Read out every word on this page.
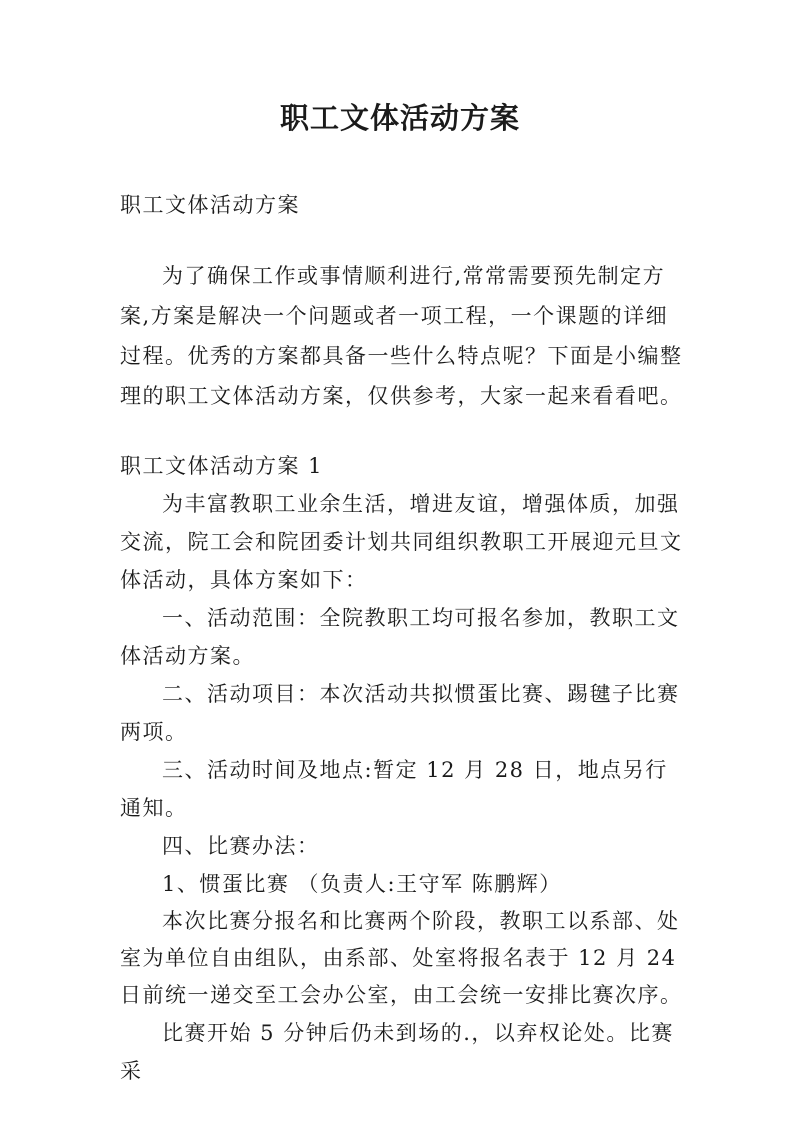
职工文体活动方案
职工文体活动方案
为了确保工作或事情顺利进行,常常需要预先制定方案,方案是解决一个问题或者一项工程，一个课题的详细过程。优秀的方案都具备一些什么特点呢？下面是小编整理的职工文体活动方案，仅供参考，大家一起来看看吧。

职工文体活动方案 1

为丰富教职工业余生活，增进友谊，增强体质，加强交流，院工会和院团委计划共同组织教职工开展迎元旦文体活动，具体方案如下：

一、活动范围：全院教职工均可报名参加，教职工文体活动方案。

二、活动项目：本次活动共拟惯蛋比赛、踢毽子比赛两项。

三、活动时间及地点:暂定 12 月 28 日，地点另行通知。

四、比赛办法：

1、惯蛋比赛 （负责人:王守军 陈鹏辉）

本次比赛分报名和比赛两个阶段，教职工以系部、处室为单位自由组队，由系部、处室将报名表于 12 月 24 日前统一递交至工会办公室，由工会统一安排比赛次序。

比赛开始 5 分钟后仍未到场的.，以弃权论处。比赛采
